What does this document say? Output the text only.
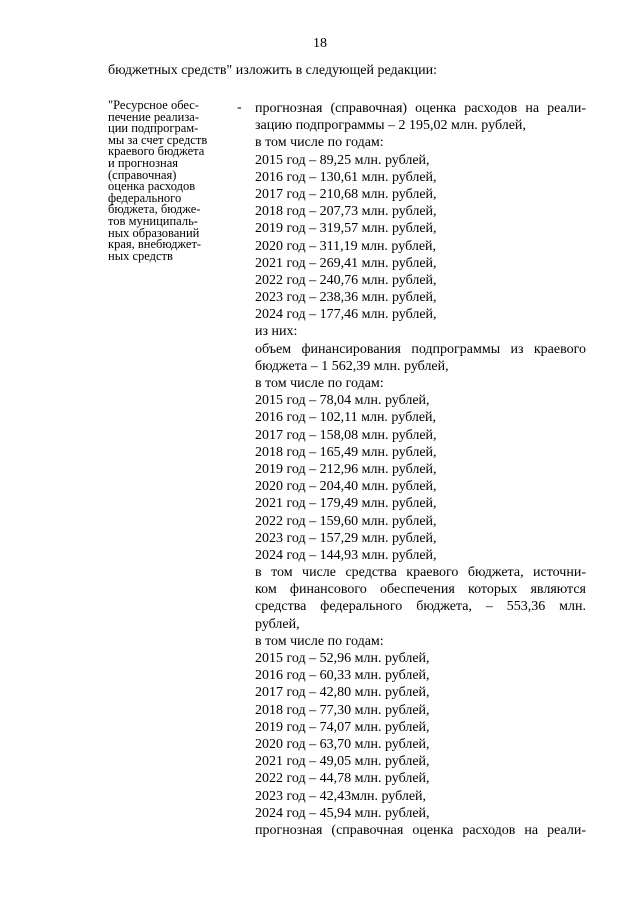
18
бюджетных средств" изложить в следующей редакции:
"Ресурсное обес-
печение реализа-
ции подпрограм-
мы за счет средств
краевого бюджета
и прогнозная
(справочная)
оценка расходов
федерального
бюджета, бюдже-
тов муниципаль-
ных образований
края, внебюджет-
ных средств
- прогнозная (справочная) оценка расходов на реали-
зацию подпрограммы – 2 195,02 млн. рублей,
в том числе по годам:
2015 год – 89,25 млн. рублей,
2016 год – 130,61 млн. рублей,
2017 год – 210,68 млн. рублей,
2018 год – 207,73 млн. рублей,
2019 год – 319,57 млн. рублей,
2020 год – 311,19 млн. рублей,
2021 год – 269,41 млн. рублей,
2022 год – 240,76 млн. рублей,
2023 год – 238,36 млн. рублей,
2024 год – 177,46 млн. рублей,
из них:
объем финансирования подпрограммы из краевого
бюджета – 1 562,39 млн. рублей,
в том числе по годам:
2015 год – 78,04 млн. рублей,
2016 год – 102,11 млн. рублей,
2017 год – 158,08 млн. рублей,
2018 год – 165,49 млн. рублей,
2019 год – 212,96 млн. рублей,
2020 год – 204,40 млн. рублей,
2021 год – 179,49 млн. рублей,
2022 год – 159,60 млн. рублей,
2023 год – 157,29 млн. рублей,
2024 год – 144,93 млн. рублей,
в том числе средства краевого бюджета, источни-
ком финансового обеспечения которых являются
средства федерального бюджета, – 553,36 млн.
рублей,
в том числе по годам:
2015 год – 52,96 млн. рублей,
2016 год – 60,33 млн. рублей,
2017 год – 42,80 млн. рублей,
2018 год – 77,30 млн. рублей,
2019 год – 74,07 млн. рублей,
2020 год – 63,70 млн. рублей,
2021 год – 49,05 млн. рублей,
2022 год – 44,78 млн. рублей,
2023 год – 42,43млн. рублей,
2024 год – 45,94 млн. рублей,
прогнозная (справочная оценка расходов на реали-
